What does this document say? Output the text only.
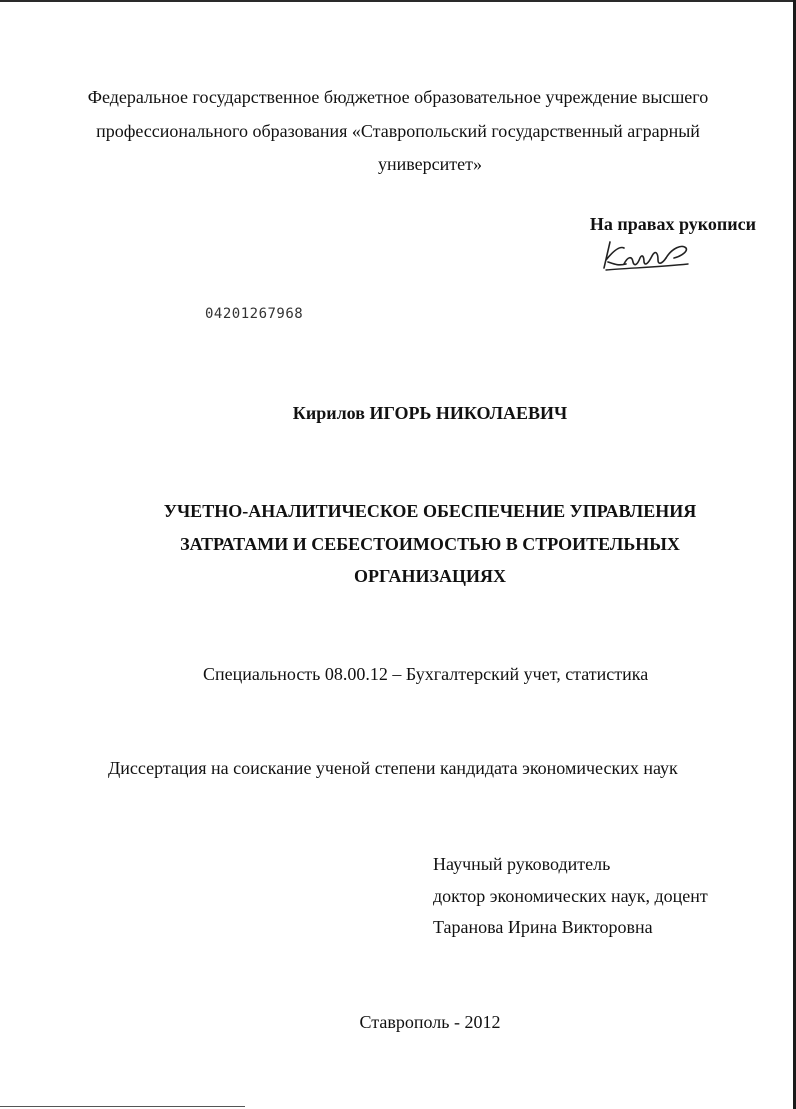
Федеральное государственное бюджетное образовательное учреждение высшего
профессионального образования «Ставропольский государственный аграрный
университет»
На правах рукописи
04201267968
Кирилов ИГОРЬ НИКОЛАЕВИЧ
УЧЕТНО-АНАЛИТИЧЕСКОЕ ОБЕСПЕЧЕНИЕ УПРАВЛЕНИЯ
ЗАТРАТАМИ И СЕБЕСТОИМОСТЬЮ В СТРОИТЕЛЬНЫХ
ОРГАНИЗАЦИЯХ
Специальность 08.00.12 – Бухгалтерский учет, статистика
Диссертация на соискание ученой степени кандидата экономических наук
Научный руководитель
доктор экономических наук, доцент
Таранова Ирина Викторовна
Ставрополь - 2012
